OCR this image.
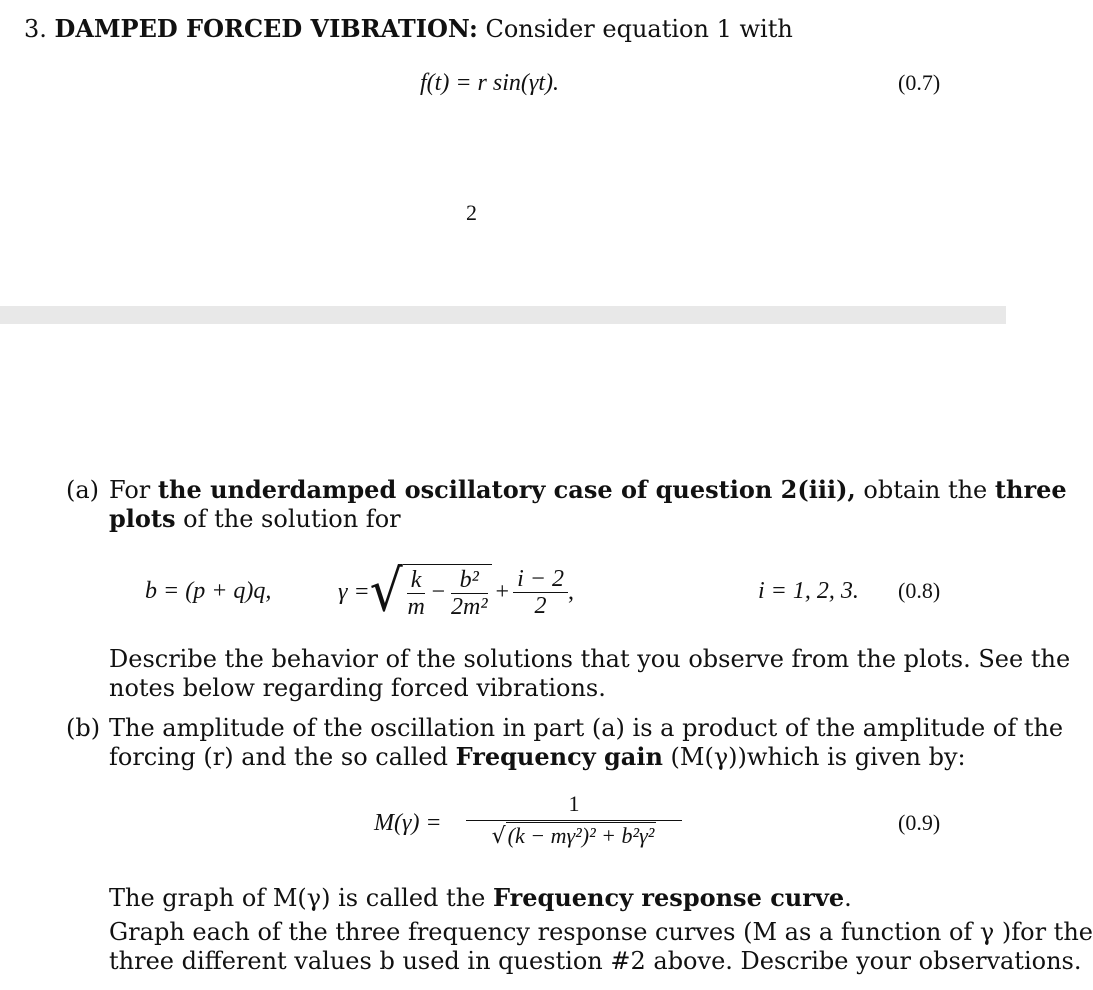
3. DAMPED FORCED VIBRATION: Consider equation 1 with
f(t) = r sin(γt).	(0.7)
2
(a) For the underdamped oscillatory case of question 2(iii), obtain the three
plots of the solution for
b = (p + q)q,	γ = √ $\frac{k}{m} - \frac{\text{b²}}{\text{2m²}} + \frac{i - 2}{2}$ ,	i = 1, 2, 3. (0.8)
Describe the behavior of the solutions that you observe from the plots. See the
notes below regarding forced vibrations.
(b) The amplitude of the oscillation in part (a) is a product of the amplitude of the
forcing (r) and the so called Frequency gain (M(γ))which is given by:
$M(\gamma) = \frac{1}{\text{√(k − mγ²)² + b²γ²}}$	(0.9)
The graph of M(γ) is called the Frequency response curve.
Graph each of the three frequency response curves (M as a function of γ )for the
three different values b used in question #2 above. Describe your observations.
